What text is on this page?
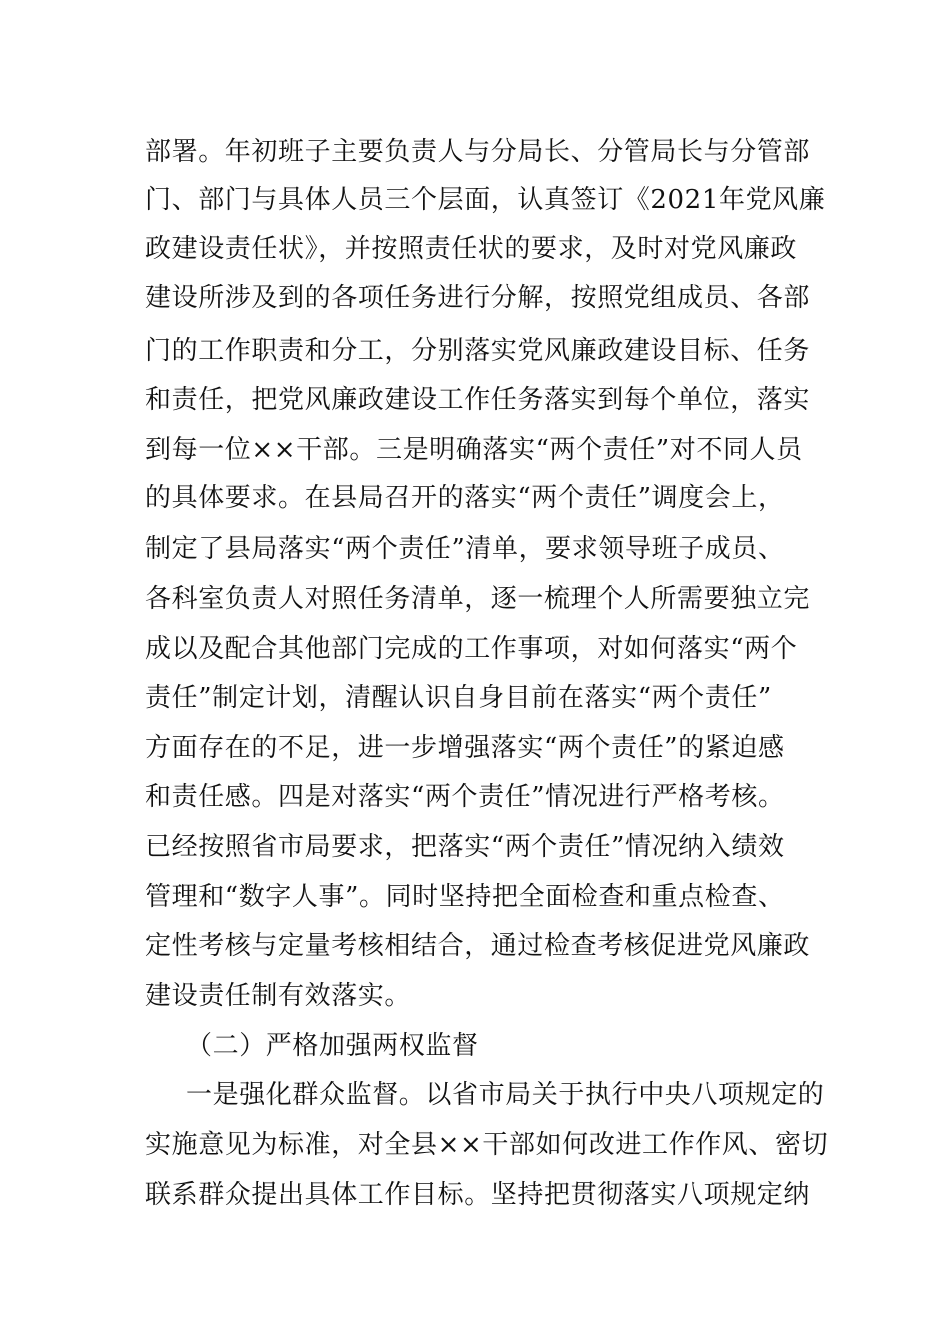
部署。年初班子主要负责人与分局长、分管局长与分管部
门、部门与具体人员三个层面，认真签订《2021年党风廉
政建设责任状》，并按照责任状的要求，及时对党风廉政
建设所涉及到的各项任务进行分解，按照党组成员、各部
门的工作职责和分工，分别落实党风廉政建设目标、任务
和责任，把党风廉政建设工作任务落实到每个单位，落实
到每一位××干部。三是明确落实“两个责任”对不同人员
的具体要求。在县局召开的落实“两个责任”调度会上，
制定了县局落实“两个责任”清单，要求领导班子成员、
各科室负责人对照任务清单，逐一梳理个人所需要独立完
成以及配合其他部门完成的工作事项，对如何落实“两个
责任”制定计划，清醒认识自身目前在落实“两个责任”
方面存在的不足，进一步增强落实“两个责任”的紧迫感
和责任感。四是对落实“两个责任”情况进行严格考核。
已经按照省市局要求，把落实“两个责任”情况纳入绩效
管理和“数字人事”。同时坚持把全面检查和重点检查、
定性考核与定量考核相结合，通过检查考核促进党风廉政
建设责任制有效落实。
（二）严格加强两权监督
一是强化群众监督。以省市局关于执行中央八项规定的
实施意见为标准，对全县××干部如何改进工作作风、密切
联系群众提出具体工作目标。坚持把贯彻落实八项规定纳
